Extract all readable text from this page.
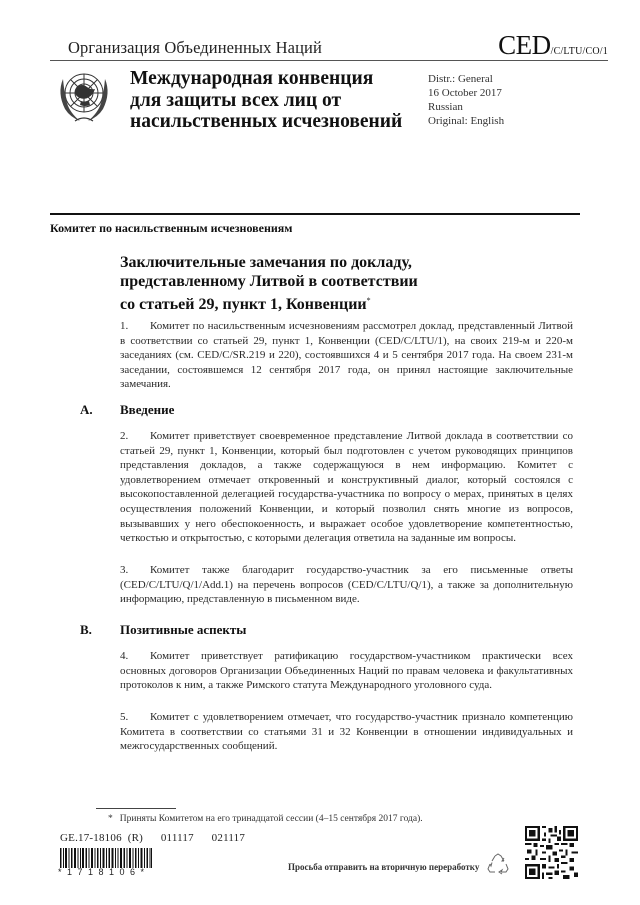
Организация Объединенных Наций	CED/C/LTU/CO/1
Международная конвенция
для защиты всех лиц от
насильственных исчезновений
Distr.: General
16 October 2017
Russian
Original: English
Комитет по насильственным исчезновениям
Заключительные замечания по докладу,
представленному Литвой в соответствии
со статьей 29, пункт 1, Конвенции*
1. Комитет по насильственным исчезновениям рассмотрел доклад, представленный Литвой в соответствии со статьей 29, пункт 1, Конвенции (CED/C/LTU/1), на своих 219-м и 220-м заседаниях (см. CED/C/SR.219 и 220), состоявшихся 4 и 5 сентября 2017 года. На своем 231-м заседании, состоявшемся 12 сентября 2017 года, он принял настоящие заключительные замечания.
A. Введение
2. Комитет приветствует своевременное представление Литвой доклада в соответствии со статьей 29, пункт 1, Конвенции, который был подготовлен с учетом руководящих принципов представления докладов, а также содержащуюся в нем информацию. Комитет с удовлетворением отмечает откровенный и конструктивный диалог, который состоялся с высокопоставленной делегацией государства-участника по вопросу о мерах, принятых в целях осуществления положений Конвенции, и который позволил снять многие из вопросов, вызывавших у него обеспокоенность, и выражает особое удовлетворение компетентностью, четкостью и открытостью, с которыми делегация ответила на заданные им вопросы.
3. Комитет также благодарит государство-участник за его письменные ответы (CED/C/LTU/Q/1/Add.1) на перечень вопросов (CED/C/LTU/Q/1), а также за дополнительную информацию, представленную в письменном виде.
B. Позитивные аспекты
4. Комитет приветствует ратификацию государством-участником практически всех основных договоров Организации Объединенных Наций по правам человека и факультативных протоколов к ним, а также Римского статута Международного уголовного суда.
5. Комитет с удовлетворением отмечает, что государство-участник признало компетенцию Комитета в соответствии со статьями 31 и 32 Конвенции в отношении индивидуальных и межгосударственных сообщений.
* Приняты Комитетом на его тринадцатой сессии (4–15 сентября 2017 года).
GE.17-18106 (R)   011117   021117
*1718106*	Просьба отправить на вторичную переработку
